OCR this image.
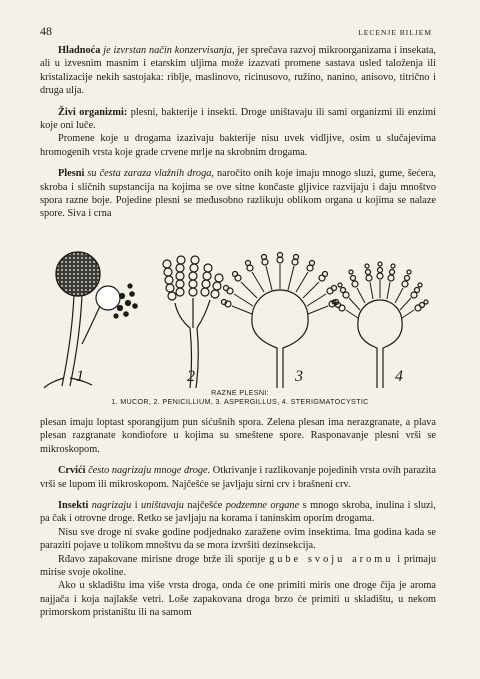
48	LECENJE BILJEM

Hladnoća je izvrstan način konzervisanja, jer sprečava razvoj mikroorganizama i insekata, ali u izvesnim masnim i etarskim uljima može izazvati promene sastava usled taloženja ili kristalizacije nekih sastojaka: riblje, maslinovo, ricinusovo, ružino, nanino, anisovo, titrično i druga ulja.

Živi organizmi: plesni, bakterije i insekti. Droge uništavaju ili sami organizmi ili enzimi koje oni luče.

Promene koje u drogama izazivaju bakterije nisu uvek vidljive, osim u slučajevima hromogenih vrsta koje grade crvene mrlje na skrobnim drogama.

Plesni su česta zaraza vlažnih droga, naročito onih koje imaju mnogo sluzi, gume, šećera, skroba i sličnih supstancija na kojima se ove sitne končaste gljivice razvijaju i daju mnoštvo spora razne boje. Pojedine plesni se međusobno razlikuju oblikom organa u kojima se nalaze spore. Siva i crna

1	2	3	4
RAZNE PLESNI:
1. MUCOR, 2. PENICILLIUM, 3. ASPERGILLUS, 4. STERIGMATOCYSTIC

plesan imaju loptast sporangijum pun sićušnih spora. Zelena plesan ima nerazgranate, a plava plesan razgranate kondiofore u kojima su smeštene spore. Rasponavanje plesni vrši se mikroskopom.

Crvići često nagrizaju mnoge droge. Otkrivanje i razlikovanje pojedinih vrsta ovih parazita vrši se lupom ili mikroskopom. Najčešće se javljaju sirni crv i brašneni crv.

Insekti nagrizaju i uništavaju najčešće podzemne organe s mnogo skroba, inulina i sluzi, pa čak i otrovne droge. Retko se javljaju na korama i taninskim oporim drogama.

Nisu sve droge ni svake godine podjednako zaražene ovim insektima. Ima godina kada se paraziti pojave u tolikom mnoštvu da se mora izvršiti dezinsekcija.

Rđavo zapakovane mirisne droge brže ili sporije gube svoju aromu i primaju mirise svoje okoline.

Ako u skladištu ima više vrsta droga, onda će one primiti miris one droge čija je aroma najjača i koja najlakše vetri. Loše zapakovana droga brzo će primiti u skladištu, u nekom primorskom pristaništu ili na samom
